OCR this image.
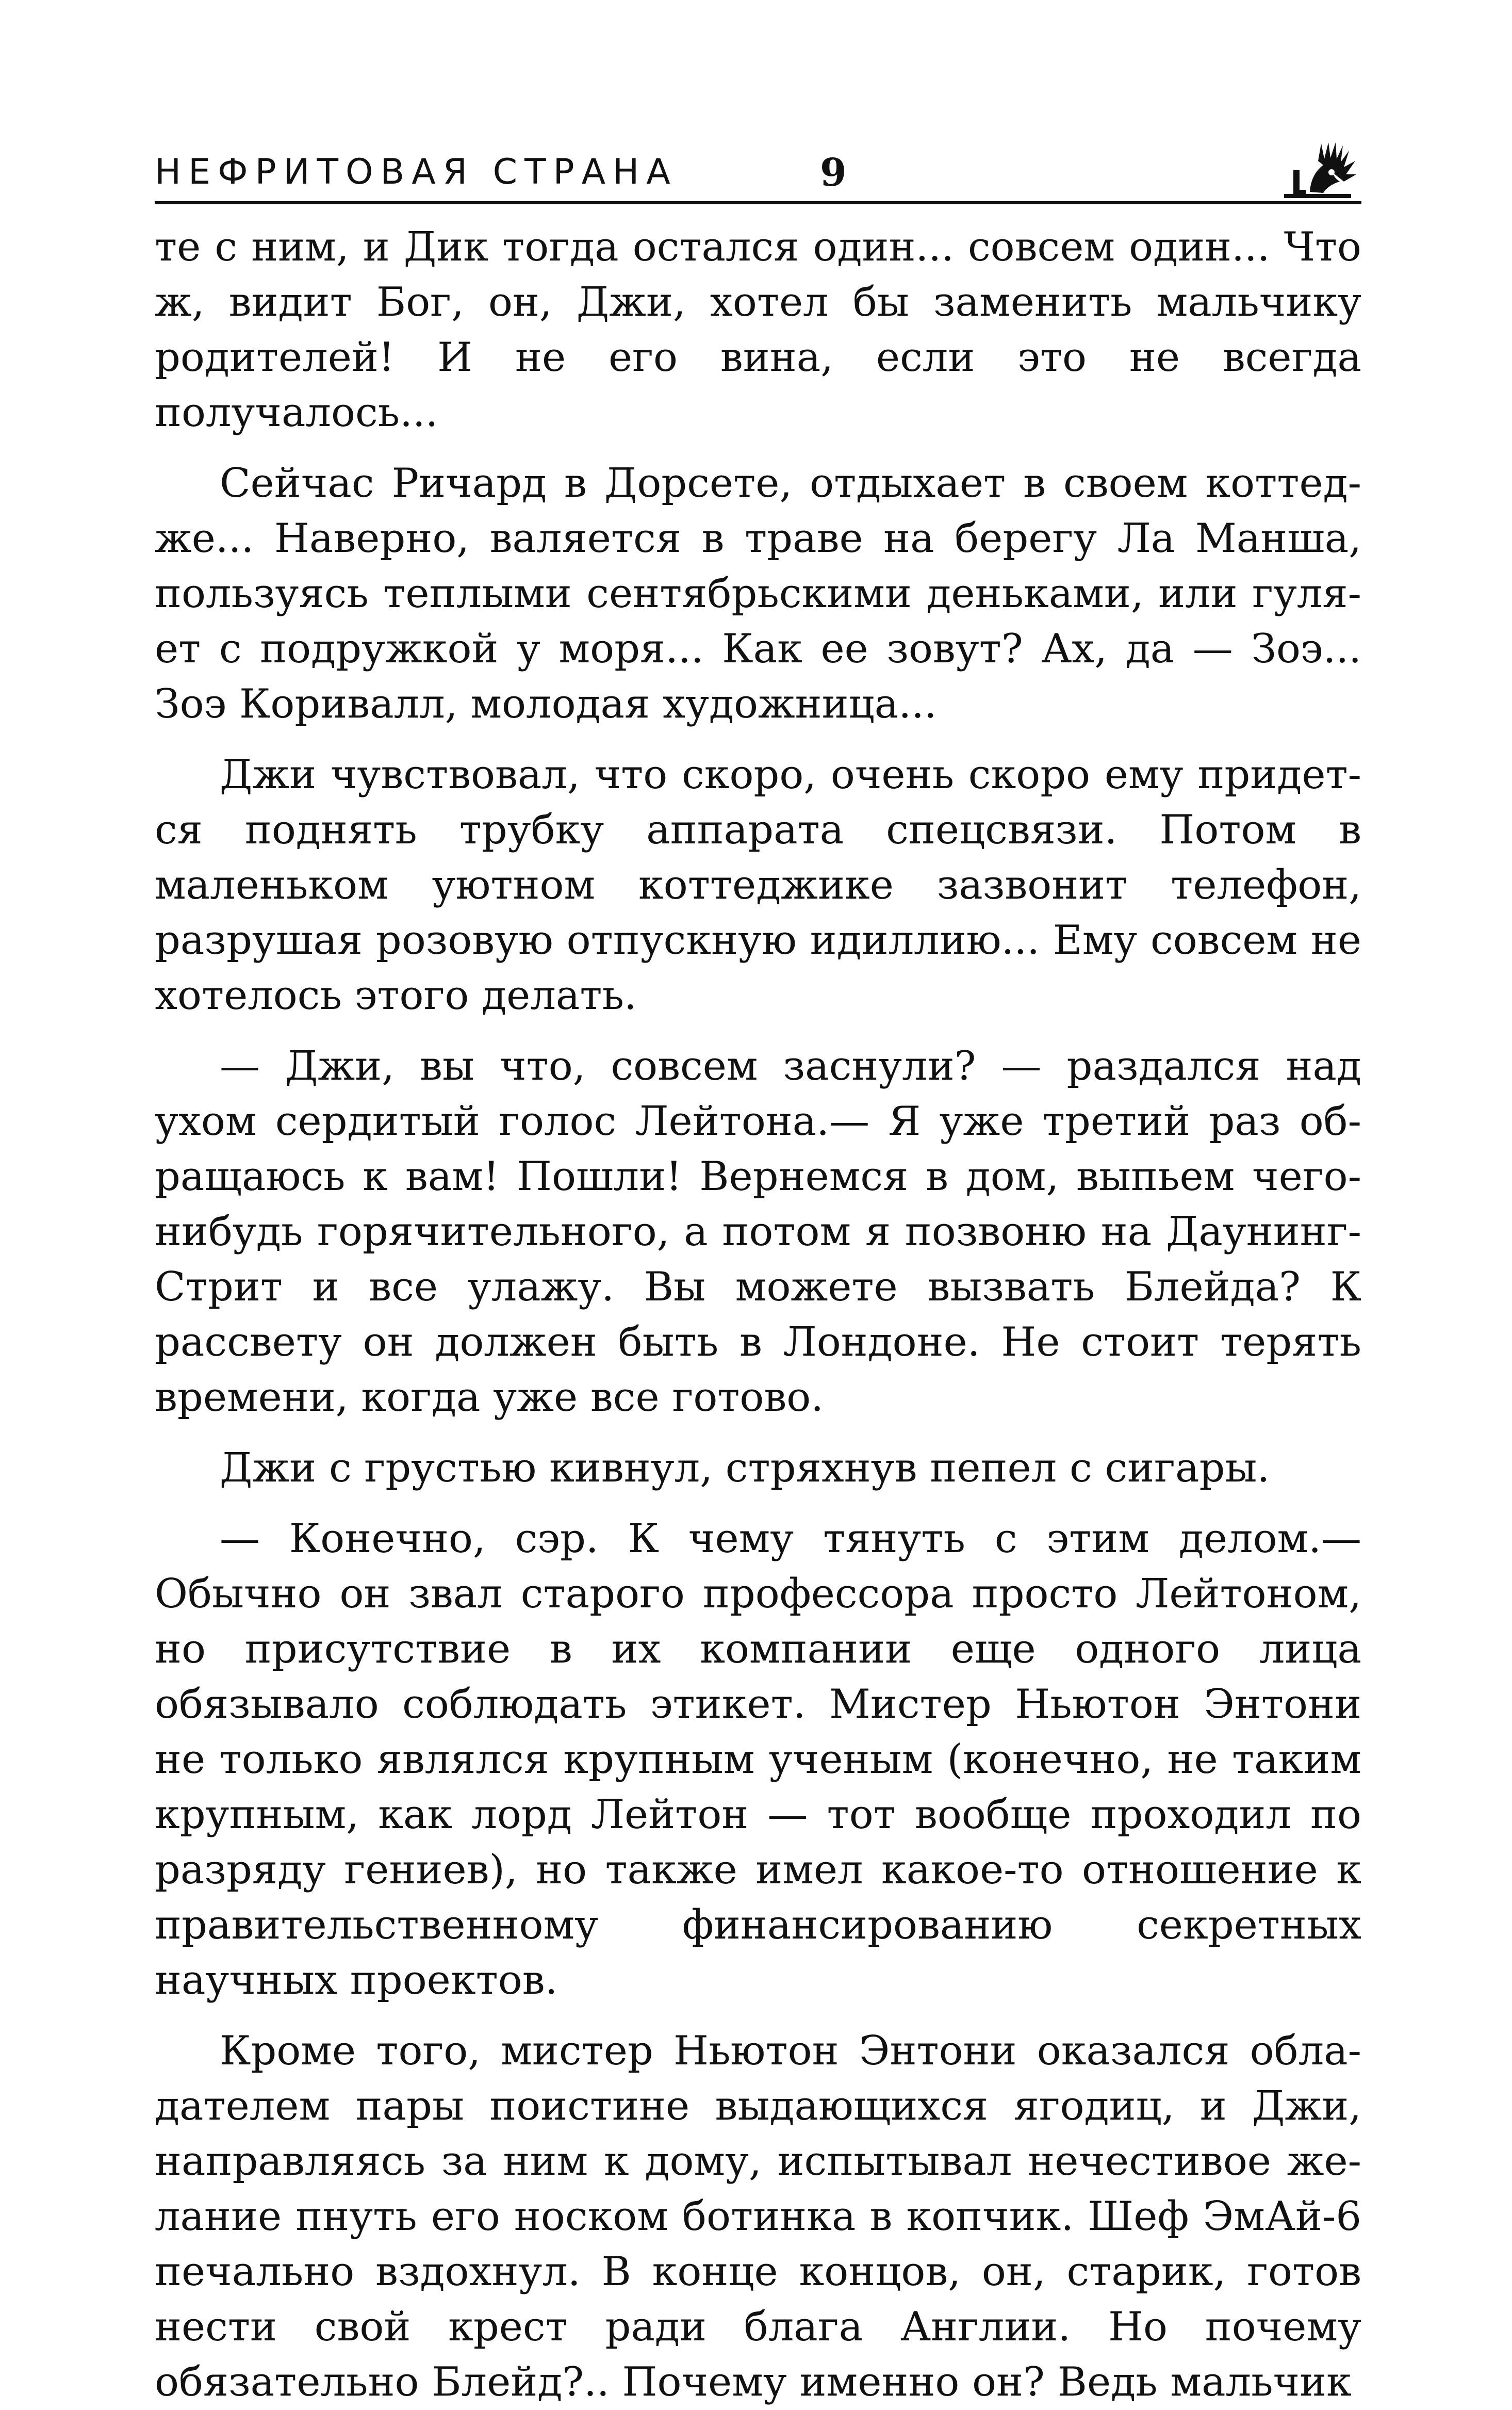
НЕФРИТОВАЯ СТРАНА	9

те с ним, и Дик тогда остался один... совсем один... Что ж, видит Бог, он, Джи, хотел бы заменить мальчику родителей! И не его вина, если это не всегда получалось...

Сейчас Ричард в Дорсете, отдыхает в своем коттедже... Наверно, валяется в траве на берегу Ла Манша, пользуясь теплыми сентябрьскими деньками, или гуляет с подружкой у моря... Как ее зовут? Ах, да — Зоэ... Зоэ Коривалл, молодая художница...

Джи чувствовал, что скоро, очень скоро ему придется поднять трубку аппарата спецсвязи. Потом в маленьком уютном коттеджике зазвонит телефон, разрушая розовую отпускную идиллию... Ему совсем не хотелось этого делать.

— Джи, вы что, совсем заснули? — раздался над ухом сердитый голос Лейтона.— Я уже третий раз обращаюсь к вам! Пошли! Вернемся в дом, выпьем чегонибудь горячительного, а потом я позвоню на ДаунингСтрит и все улажу. Вы можете вызвать Блейда? К рассвету он должен быть в Лондоне. Не стоит терять времени, когда уже все готово.

Джи с грустью кивнул, стряхнув пепел с сигары.

— Конечно, сэр. К чему тянуть с этим делом.— Обычно он звал старого профессора просто Лейтоном, но присутствие в их компании еще одного лица обязывало соблюдать этикет. Мистер Ньютон Энтони не только являлся крупным ученым (конечно, не таким крупным, как лорд Лейтон — тот вообще проходил по разряду гениев), но также имел какое-то отношение к правительственному финансированию секретных научных проектов.

Кроме того, мистер Ньютон Энтони оказался обладателем пары поистине выдающихся ягодиц, и Джи, направляясь за ним к дому, испытывал нечестивое желание пнуть его носком ботинка в копчик. Шеф ЭмАй-6 печально вздохнул. В конце концов, он, старик, готов нести свой крест ради блага Англии. Но почему обязательно Блейд?.. Почему именно он? Ведь мальчик
